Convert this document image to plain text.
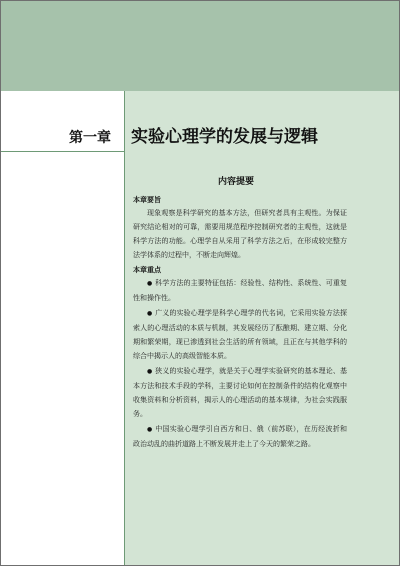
第一章 实验心理学的发展与逻辑
内容提要
本章要旨

现象观察是科学研究的基本方法，但研究者具有主观性。为保证研究结论相对的可靠，需要用规范程序控制研究者的主观性，这就是科学方法的功能。心理学自从采用了科学方法之后，在形成较完整方法学体系的过程中，不断走向辉煌。

本章重点

● 科学方法的主要特征包括：经验性、结构性、系统性、可重复性和操作性。

● 广义的实验心理学是科学心理学的代名词，它采用实验方法探索人的心理活动的本质与机制，其发展经历了酝酿期、建立期、分化期和繁荣期，现已渗透到社会生活的所有领域，且正在与其他学科的综合中揭示人的高级智能本质。

● 狭义的实验心理学，就是关于心理学实验研究的基本理论、基本方法和技术手段的学科，主要讨论如何在控制条件的结构化观察中收集资料和分析资料，揭示人的心理活动的基本规律，为社会实践服务。

● 中国实验心理学引自西方和日、俄（前苏联），在历经波折和政治动乱的曲折道路上不断发展并走上了今天的繁荣之路。
